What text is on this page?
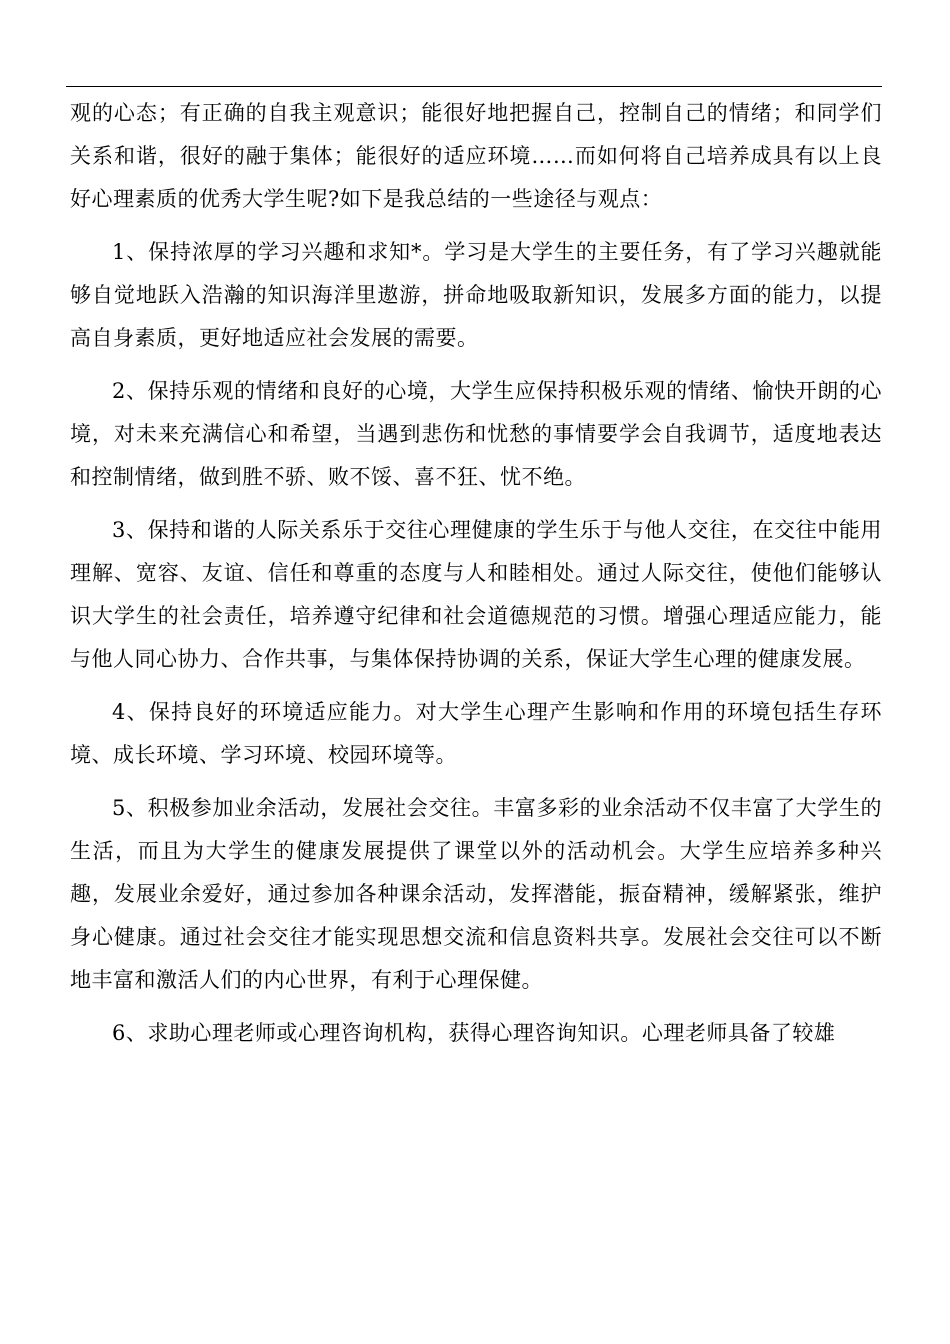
观的心态；有正确的自我主观意识；能很好地把握自己，控制自己的情绪；和同学们关系和谐，很好的融于集体；能很好的适应环境……而如何将自己培养成具有以上良好心理素质的优秀大学生呢?如下是我总结的一些途径与观点：

1、保持浓厚的学习兴趣和求知*。学习是大学生的主要任务，有了学习兴趣就能够自觉地跃入浩瀚的知识海洋里遨游，拼命地吸取新知识，发展多方面的能力，以提高自身素质，更好地适应社会发展的需要。

2、保持乐观的情绪和良好的心境，大学生应保持积极乐观的情绪、愉快开朗的心境，对未来充满信心和希望，当遇到悲伤和忧愁的事情要学会自我调节，适度地表达和控制情绪，做到胜不骄、败不馁、喜不狂、忧不绝。

3、保持和谐的人际关系乐于交往心理健康的学生乐于与他人交往，在交往中能用理解、宽容、友谊、信任和尊重的态度与人和睦相处。通过人际交往，使他们能够认识大学生的社会责任，培养遵守纪律和社会道德规范的习惯。增强心理适应能力，能与他人同心协力、合作共事，与集体保持协调的关系，保证大学生心理的健康发展。

4、保持良好的环境适应能力。对大学生心理产生影响和作用的环境包括生存环境、成长环境、学习环境、校园环境等。

5、积极参加业余活动，发展社会交往。丰富多彩的业余活动不仅丰富了大学生的生活，而且为大学生的健康发展提供了课堂以外的活动机会。大学生应培养多种兴趣，发展业余爱好，通过参加各种课余活动，发挥潜能，振奋精神，缓解紧张，维护身心健康。通过社会交往才能实现思想交流和信息资料共享。发展社会交往可以不断地丰富和激活人们的内心世界，有利于心理保健。

6、求助心理老师或心理咨询机构，获得心理咨询知识。心理老师具备了较雄
